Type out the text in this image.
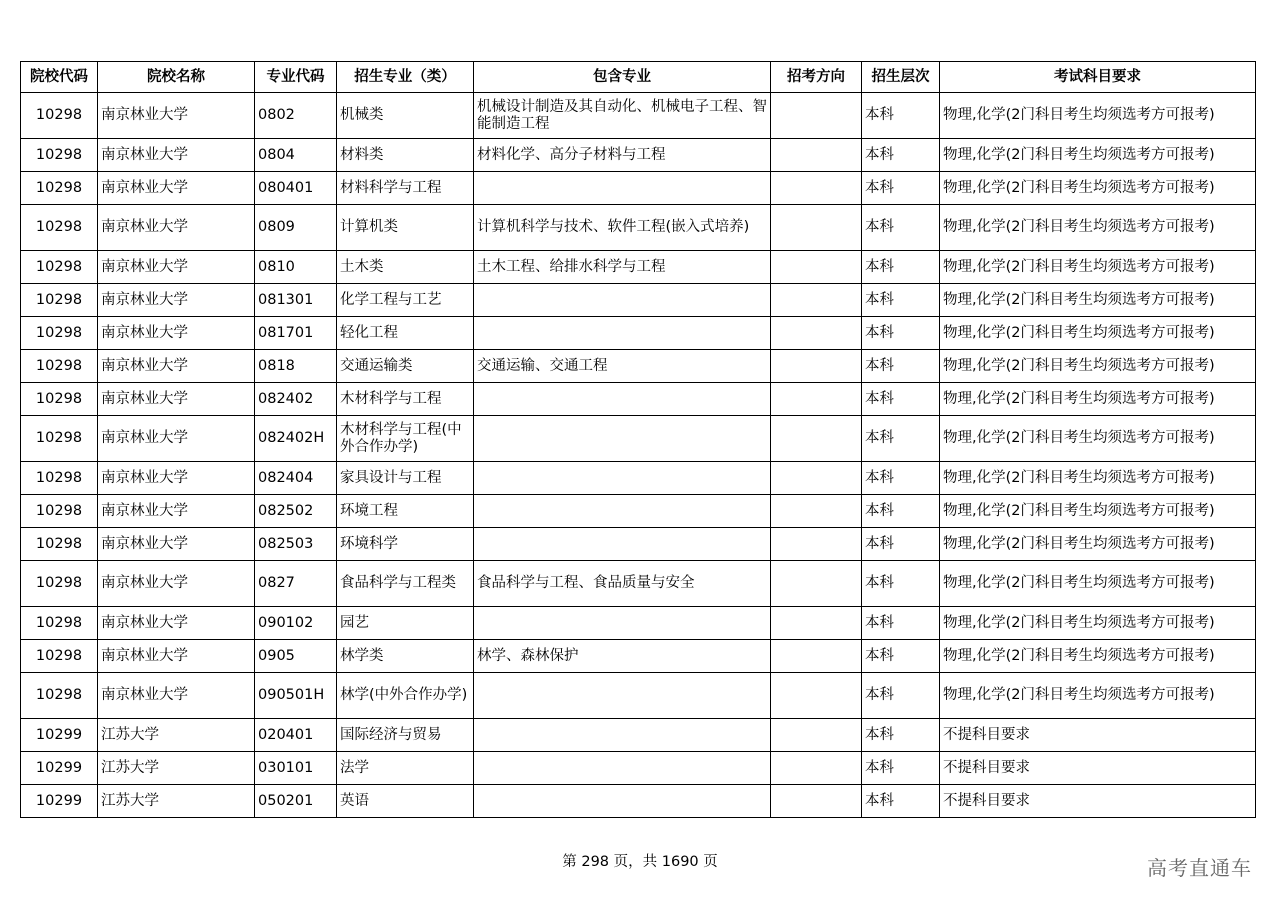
院校代码	院校名称	专业代码	招生专业（类）	包含专业	招考方向	招生层次	考试科目要求
10298	南京林业大学	0802	机械类	机械设计制造及其自动化、机械电子工程、智能制造工程		本科	物理,化学(2门科目考生均须选考方可报考)
10298	南京林业大学	0804	材料类	材料化学、高分子材料与工程		本科	物理,化学(2门科目考生均须选考方可报考)
10298	南京林业大学	080401	材料科学与工程			本科	物理,化学(2门科目考生均须选考方可报考)
10298	南京林业大学	0809	计算机类	计算机科学与技术、软件工程(嵌入式培养)		本科	物理,化学(2门科目考生均须选考方可报考)
10298	南京林业大学	0810	土木类	土木工程、给排水科学与工程		本科	物理,化学(2门科目考生均须选考方可报考)
10298	南京林业大学	081301	化学工程与工艺			本科	物理,化学(2门科目考生均须选考方可报考)
10298	南京林业大学	081701	轻化工程			本科	物理,化学(2门科目考生均须选考方可报考)
10298	南京林业大学	0818	交通运输类	交通运输、交通工程		本科	物理,化学(2门科目考生均须选考方可报考)
10298	南京林业大学	082402	木材科学与工程			本科	物理,化学(2门科目考生均须选考方可报考)
10298	南京林业大学	082402H	木材科学与工程(中外合作办学)			本科	物理,化学(2门科目考生均须选考方可报考)
10298	南京林业大学	082404	家具设计与工程			本科	物理,化学(2门科目考生均须选考方可报考)
10298	南京林业大学	082502	环境工程			本科	物理,化学(2门科目考生均须选考方可报考)
10298	南京林业大学	082503	环境科学			本科	物理,化学(2门科目考生均须选考方可报考)
10298	南京林业大学	0827	食品科学与工程类	食品科学与工程、食品质量与安全		本科	物理,化学(2门科目考生均须选考方可报考)
10298	南京林业大学	090102	园艺			本科	物理,化学(2门科目考生均须选考方可报考)
10298	南京林业大学	0905	林学类	林学、森林保护		本科	物理,化学(2门科目考生均须选考方可报考)
10298	南京林业大学	090501H	林学(中外合作办学)			本科	物理,化学(2门科目考生均须选考方可报考)
10299	江苏大学	020401	国际经济与贸易			本科	不提科目要求
10299	江苏大学	030101	法学			本科	不提科目要求
10299	江苏大学	050201	英语			本科	不提科目要求
第 298 页，共 1690 页	高考直通车
